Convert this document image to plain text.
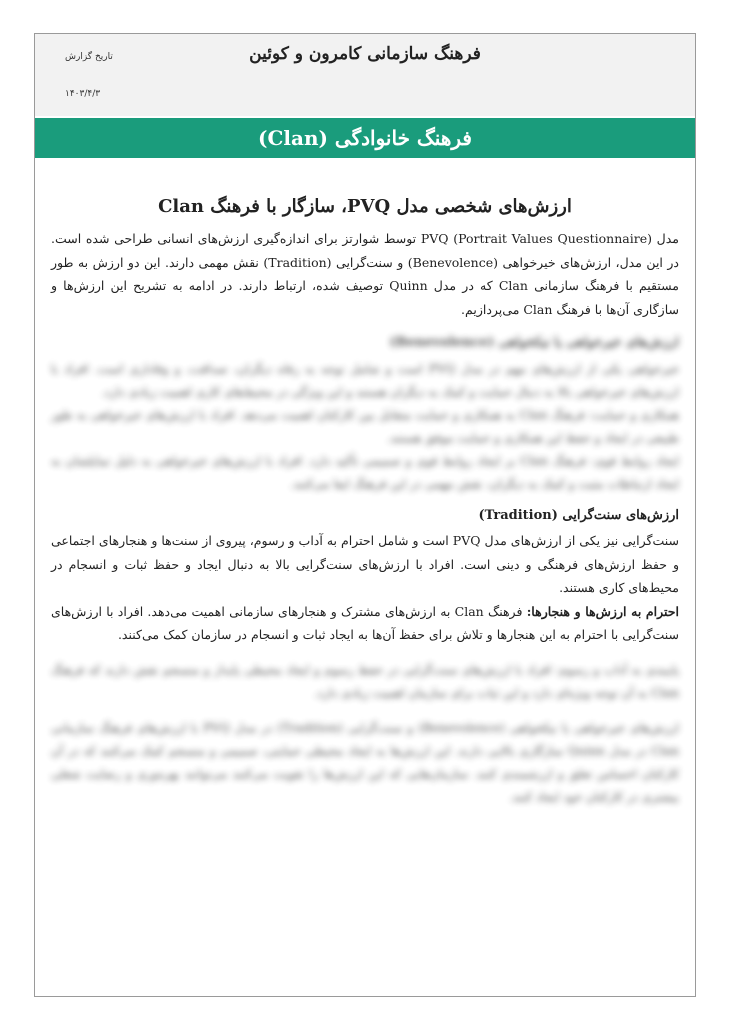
فرهنگ سازمانی کامرون و کوئین
تاریخ گزارش
۱۴۰۳/۴/۳
فرهنگ خانوادگی (Clan)
ارزش‌های شخصی مدل PVQ، سازگار با فرهنگ Clan

مدل PVQ (Portrait Values Questionnaire) توسط شوارتز برای اندازه‌گیری ارزش‌های انسانی طراحی شده است. در این مدل، ارزش‌های خیرخواهی (Benevolence) و سنت‌گرایی (Tradition) نقش مهمی دارند. این دو ارزش به طور مستقیم با فرهنگ سازمانی Clan که در مدل Quinn توصیف شده، ارتباط دارند. در ادامه به تشریح این ارزش‌ها و سازگاری آن‌ها با فرهنگ Clan می‌پردازیم.

ارزش‌های خیرخواهی یا نیکخواهی (Benevolence)

خیرخواهی یکی از ارزش‌های مهم در مدل PVQ است و شامل توجه به رفاه دیگران، صداقت، و وفاداری است. افراد با ارزش‌های خیرخواهی بالا به دنبال حمایت و کمک به دیگران هستند و این ویژگی در محیط‌های کاری اهمیت زیادی دارد.

همکاری و حمایت: فرهنگ Clan به همکاری و حمایت متقابل بین کارکنان اهمیت می‌دهد. افراد با ارزش‌های خیرخواهی به طور طبیعی در ایجاد و حفظ این همکاری و حمایت موفق هستند.

ایجاد روابط قوی: فرهنگ Clan بر ایجاد روابط قوی و صمیمی تأکید دارد. افراد با ارزش‌های خیرخواهی به دلیل تمایلشان به ایجاد ارتباطات مثبت و کمک به دیگران، نقش مهمی در این فرهنگ ایفا می‌کنند.

ارزش‌های سنت‌گرایی (Tradition)

سنت‌گرایی نیز یکی از ارزش‌های مدل PVQ است و شامل احترام به آداب و رسوم، پیروی از سنت‌ها و هنجارهای اجتماعی و حفظ ارزش‌های فرهنگی و دینی است. افراد با ارزش‌های سنت‌گرایی بالا به دنبال ایجاد و حفظ ثبات و انسجام در محیط‌های کاری هستند.

احترام به ارزش‌ها و هنجارها: فرهنگ Clan به ارزش‌های مشترک و هنجارهای سازمانی اهمیت می‌دهد. افراد با ارزش‌های سنت‌گرایی با احترام به این هنجارها و تلاش برای حفظ آن‌ها به ایجاد ثبات و انسجام در سازمان کمک می‌کنند.

پایبندی به آداب و رسوم: افراد با ارزش‌های سنت‌گرایی در حفظ رسوم و ایجاد محیطی پایدار و منسجم نقش دارند که فرهنگ Clan به آن توجه ویژه‌ای دارد و این ثبات برای سازمان اهمیت زیادی دارد.

ارزش‌های خیرخواهی یا نیکخواهی (Benevolence) و سنت‌گرایی (Tradition) در مدل PVQ با ارزش‌های فرهنگ سازمانی Clan در مدل Quinn سازگاری بالایی دارند. این ارزش‌ها به ایجاد محیطی حمایتی، صمیمی و منسجم کمک می‌کنند که در آن کارکنان احساس تعلق و ارزشمندی کنند. سازمان‌هایی که این ارزش‌ها را تقویت می‌کنند می‌توانند بهره‌وری و رضایت شغلی بیشتری در کارکنان خود ایجاد کنند.
